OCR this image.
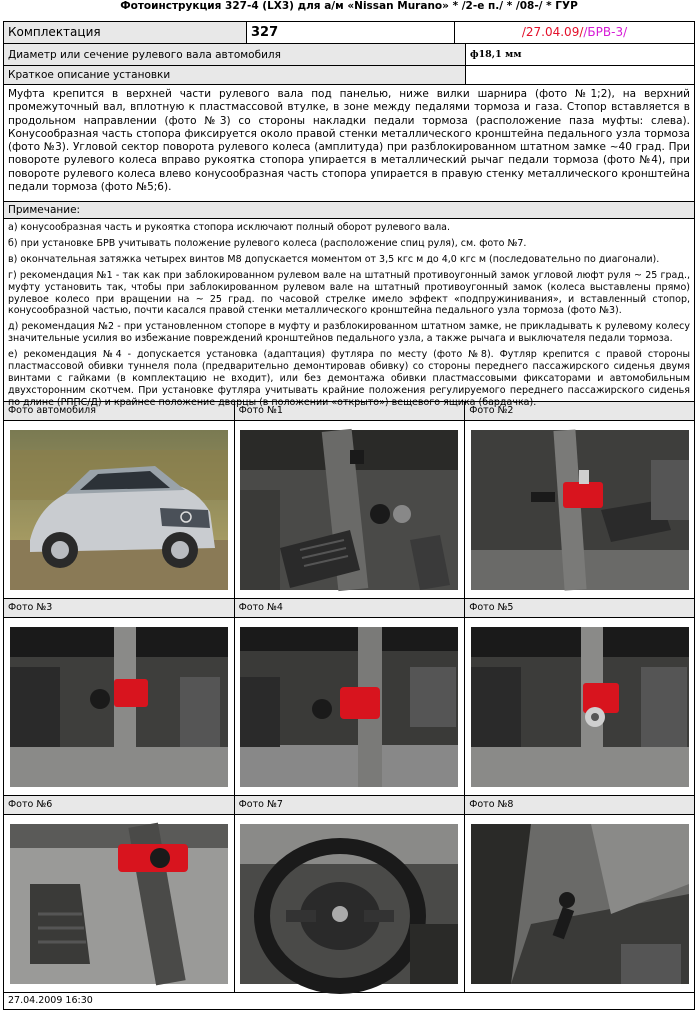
Фотоинструкция 327-4 (LX3) для а/м «Nissan Murano» * /2-е п./ * /08-/ * ГУР
Комплектация	327	/27.04.09//БРВ-3/
Диаметр или сечение рулевого вала автомобиля	ф18,1 мм
Краткое описание установки
Муфта крепится в верхней части рулевого вала под панелью, ниже вилки шарнира (фото №1;2), на верхний промежуточный вал, вплотную к пластмассовой втулке, в зоне между педалями тормоза и газа. Стопор вставляется в продольном направлении (фото №3) со стороны накладки педали тормоза (расположение паза муфты: слева). Конусообразная часть стопора фиксируется около правой стенки металлического кронштейна педального узла тормоза (фото №3). Угловой сектор поворота рулевого колеса (амплитуда) при разблокированном штатном замке ~40 град. При повороте рулевого колеса вправо рукоятка стопора упирается в металлический рычаг педали тормоза (фото №4), при повороте рулевого колеса влево конусообразная часть стопора упирается в правую стенку металлического кронштейна педали тормоза (фото №5;6).
Примечание:
а) конусообразная часть и рукоятка стопора исключают полный оборот рулевого вала.
б) при установке БРВ учитывать положение рулевого колеса (расположение спиц руля), см. фото №7.
в) окончательная затяжка четырех винтов М8 допускается моментом от 3,5 кгс м до 4,0 кгс м (последовательно по диагонали).
г) рекомендация №1 - так как при заблокированном рулевом вале на штатный противоугонный замок угловой люфт руля ~ 25 град., муфту установить так, чтобы при заблокированном рулевом вале на штатный противоугонный замок (колеса выставлены прямо) рулевое колесо при вращении на ~ 25 град. по часовой стрелке имело эффект «подпружинивания», и вставленный стопор, конусообразной частью, почти касался правой стенки металлического кронштейна педального узла тормоза (фото №3).
д) рекомендация №2 - при установленном стопоре в муфту и разблокированном штатном замке, не прикладывать к рулевому колесу значительные усилия во избежание повреждений кронштейнов педального узла, а также рычага и выключателя педали тормоза.
е) рекомендация №4 - допускается установка (адаптация) футляра по месту (фото №8). Футляр крепится с правой стороны пластмассовой обивки туннеля пола (предварительно демонтировав обивку) со стороны переднего пассажирского сиденья двумя винтами с гайками (в комплектацию не входит), или без демонтажа обивки пластмассовыми фиксаторами и автомобильным двухсторонним скотчем. При установке футляра учитывать крайние положения регулируемого переднего пассажирского сиденья по длине (РППС/Д) и крайнее положение дверцы (в положении «открыто») вещевого ящика (бардачка).
Фото автомобиля	Фото №1	Фото №2
Фото №3	Фото №4	Фото №5
Фото №6	Фото №7	Фото №8
27.04.2009 16:30
